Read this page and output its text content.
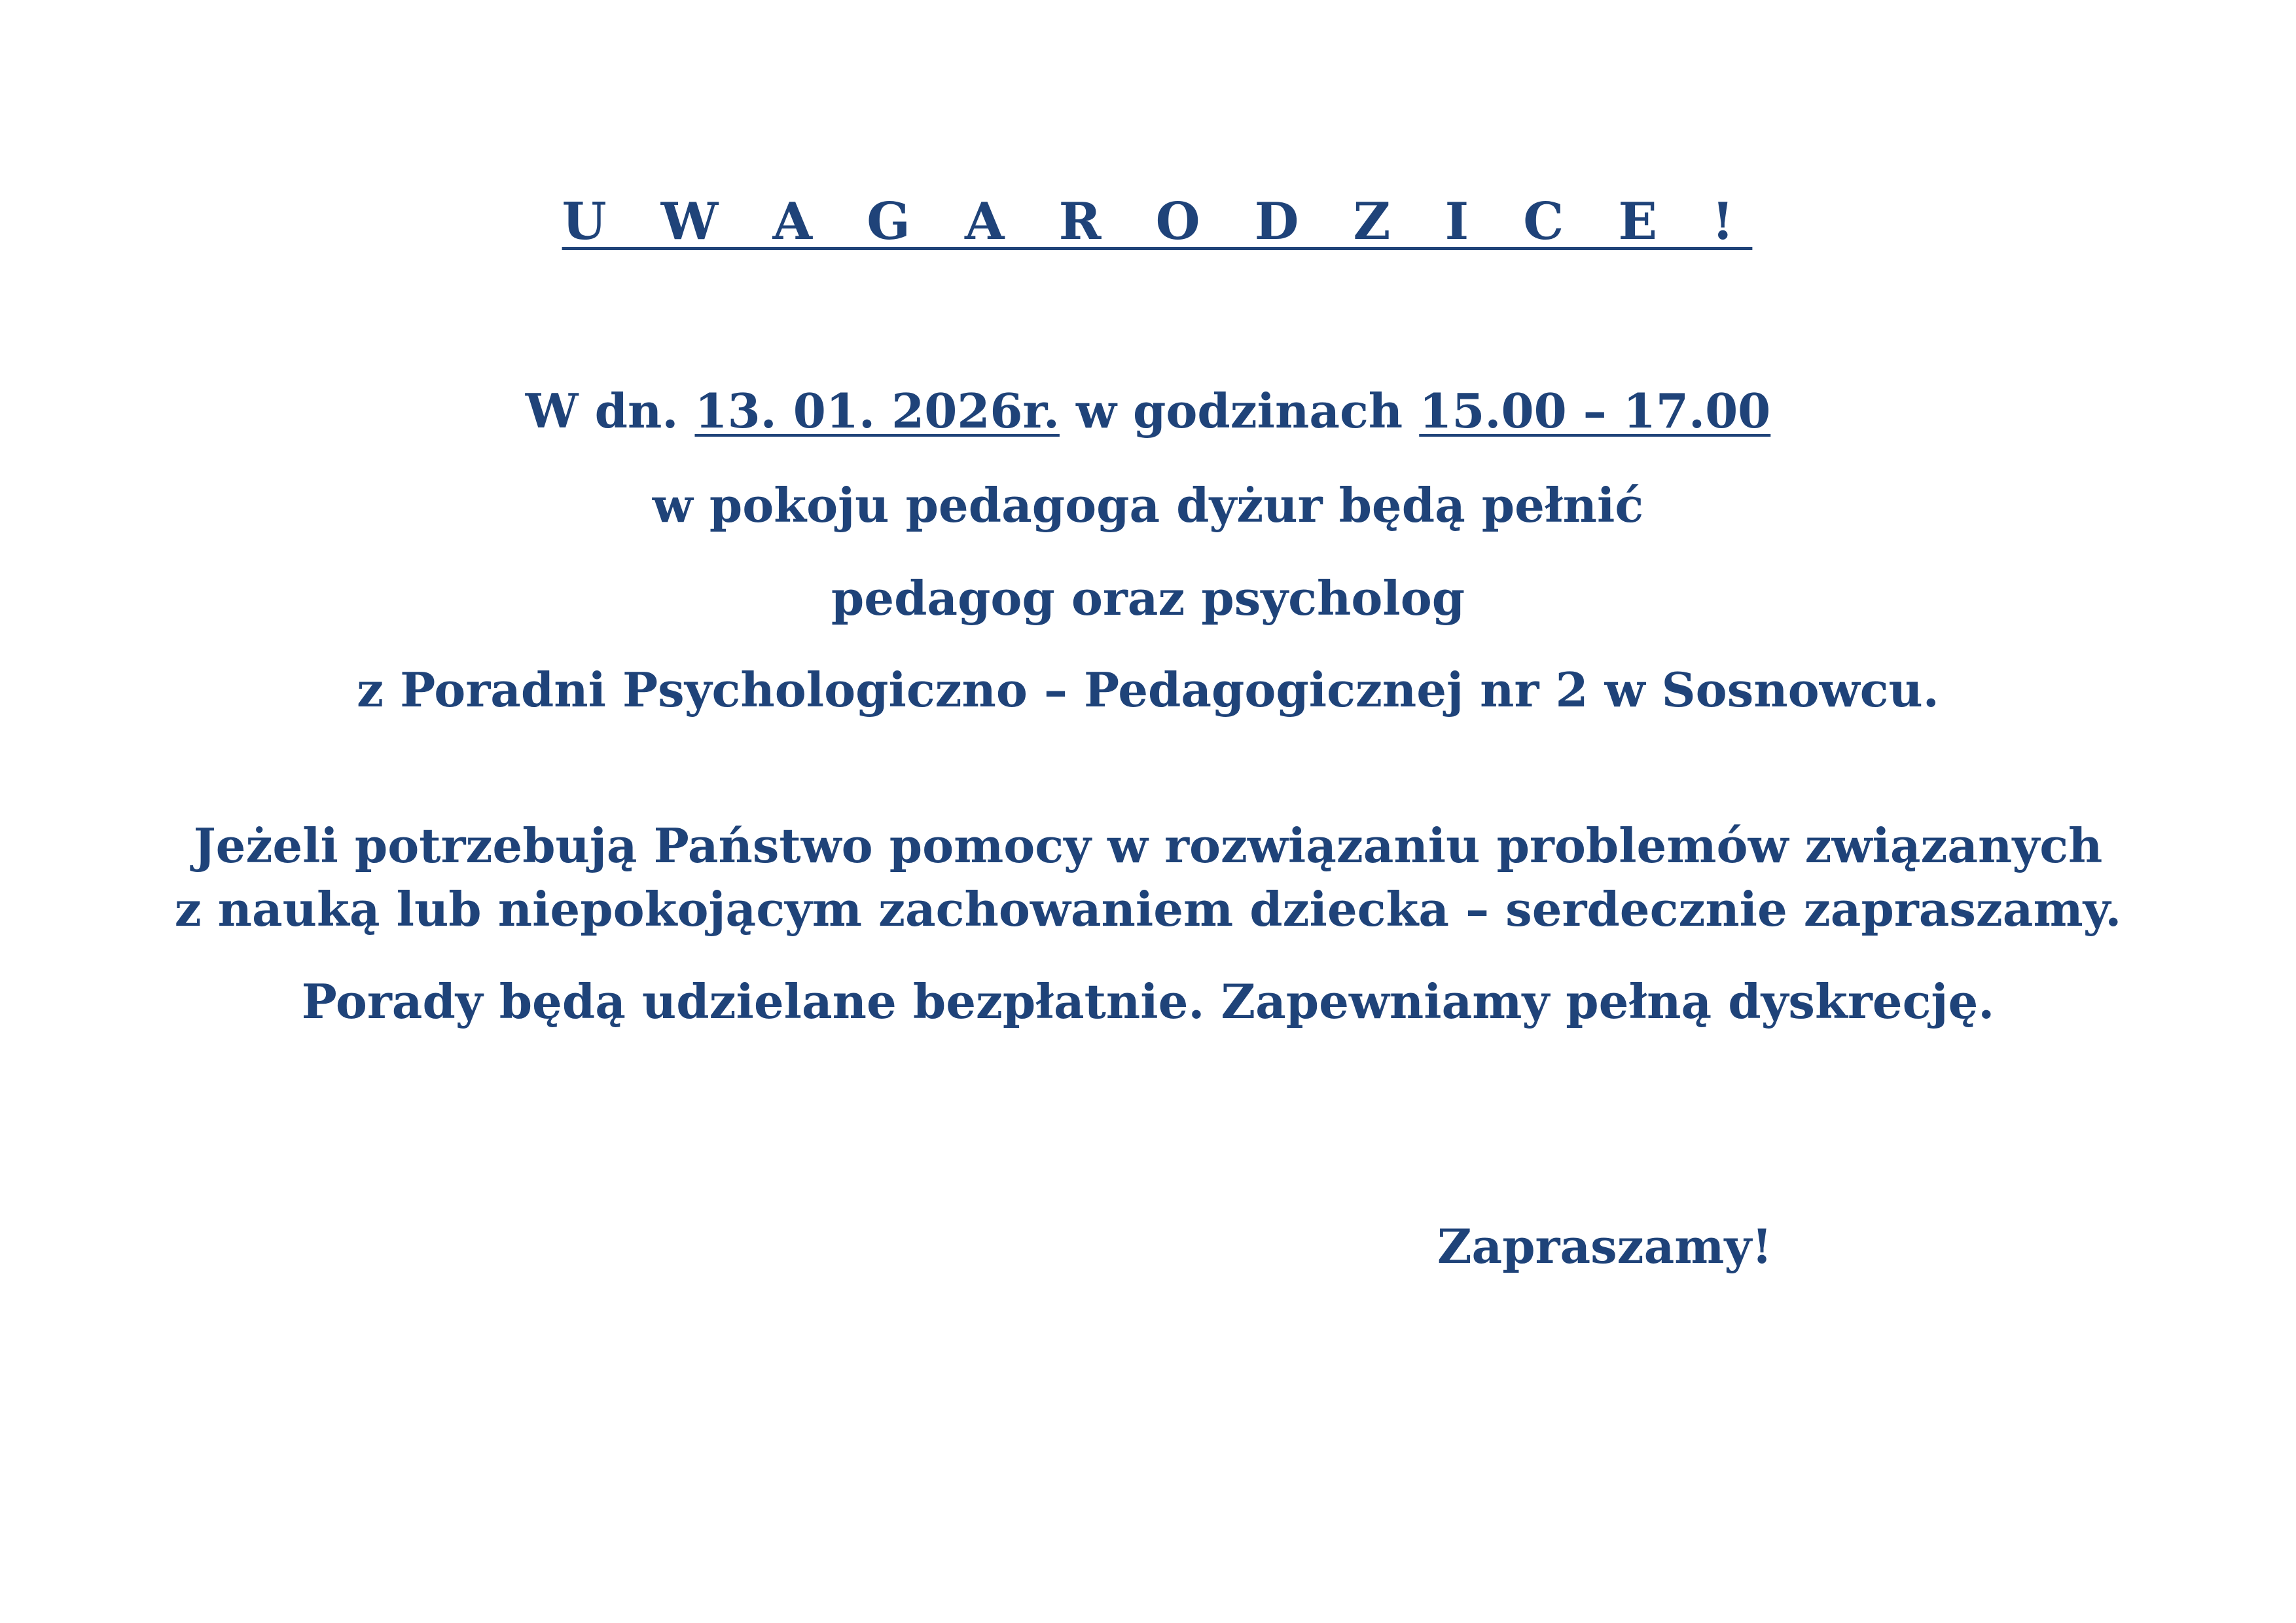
U W A G A R O D Z I C E !
W dn. 13. 01. 2026r. w godzinach 15.00 – 17.00
w pokoju pedagoga dyżur będą pełnić
pedagog oraz psycholog
z Poradni Psychologiczno – Pedagogicznej nr 2 w Sosnowcu.
Jeżeli potrzebują Państwo pomocy w rozwiązaniu problemów związanych
z nauką lub niepokojącym zachowaniem dziecka – serdecznie zapraszamy.
Porady będą udzielane bezpłatnie. Zapewniamy pełną dyskrecję.
Zapraszamy!
